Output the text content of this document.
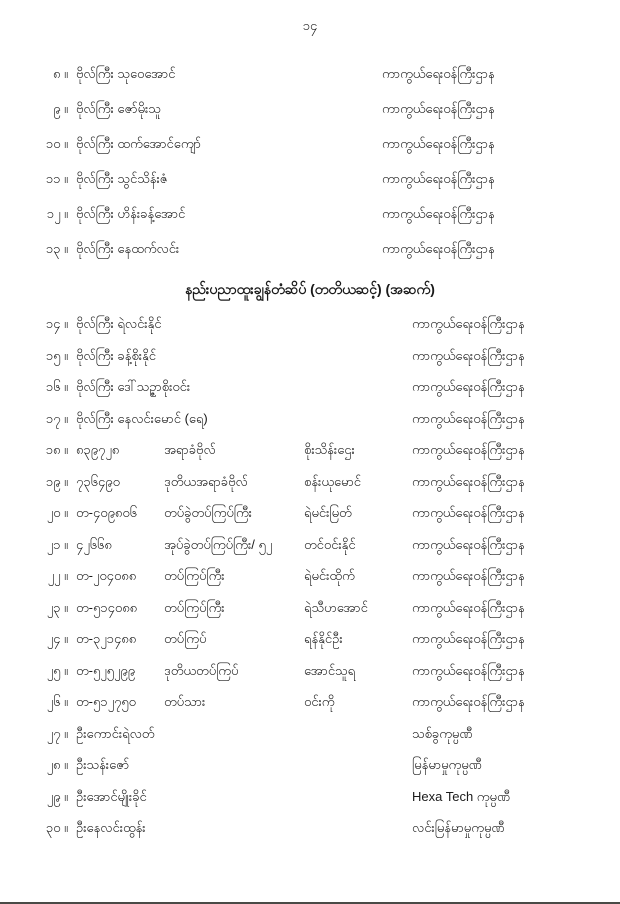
၁၄
၈ ။ ဗိုလ်ကြီး သုဝေအောင်	ကာကွယ်ရေးဝန်ကြီးဌာန
၉ ။ ဗိုလ်ကြီး ဇော်မိုးသူ	ကာကွယ်ရေးဝန်ကြီးဌာန
၁၀ ။ ဗိုလ်ကြီး ထက်အောင်ကျော်	ကာကွယ်ရေးဝန်ကြီးဌာန
၁၁ ။ ဗိုလ်ကြီး သွင်သိန်းဇံ	ကာကွယ်ရေးဝန်ကြီးဌာန
၁၂ ။ ဗိုလ်ကြီး ဟိန်းခန့်အောင်	ကာကွယ်ရေးဝန်ကြီးဌာန
၁၃ ။ ဗိုလ်ကြီး နေထက်လင်း	ကာကွယ်ရေးဝန်ကြီးဌာန
နည်းပညာထူးချွန်တံဆိပ် (တတိယဆင့်) (အဆက်)
၁၄ ။ ဗိုလ်ကြီး ရဲလင်းနိုင်	ကာကွယ်ရေးဝန်ကြီးဌာန
၁၅ ။ ဗိုလ်ကြီး ခန့်စိုးနိုင်	ကာကွယ်ရေးဝန်ကြီးဌာန
၁၆ ။ ဗိုလ်ကြီး ဒေါ်သဉ္ဇာစိုးဝင်း	ကာကွယ်ရေးဝန်ကြီးဌာန
၁၇ ။ ဗိုလ်ကြီး နေလင်းမောင် (ရေ)	ကာကွယ်ရေးဝန်ကြီးဌာန
၁၈ ။ ၈၃၉၇၂၈	အရာခံဗိုလ်	စိုးသိန်းဌေး	ကာကွယ်ရေးဝန်ကြီးဌာန
၁၉ ။ ၇၃၆၄၉၀	ဒုတိယအရာခံဗိုလ်	စန်းယုမောင်	ကာကွယ်ရေးဝန်ကြီးဌာန
၂၀ ။ တ-၄၀၉၈၀၆	တပ်ခွဲတပ်ကြပ်ကြီး	ရဲမင်းမြတ်	ကာကွယ်ရေးဝန်ကြီးဌာန
၂၁ ။ ၄၂၆၆၈	အုပ်ခွဲတပ်ကြပ်ကြီး/ ၅၂	တင်ဝင်းနိုင်	ကာကွယ်ရေးဝန်ကြီးဌာန
၂၂ ။ တ-၂၀၄၀၈၈	တပ်ကြပ်ကြီး	ရဲမင်းထိုက်	ကာကွယ်ရေးဝန်ကြီးဌာန
၂၃ ။ တ-၅၁၄၀၈၈	တပ်ကြပ်ကြီး	ရဲသီဟအောင်	ကာကွယ်ရေးဝန်ကြီးဌာန
၂၄ ။ တ-၃၂၁၄၈၈	တပ်ကြပ်	ရန်နိုင်ဦး	ကာကွယ်ရေးဝန်ကြီးဌာန
၂၅ ။ တ-၅၂၅၂၉၉	ဒုတိယတပ်ကြပ်	အောင်သူရ	ကာကွယ်ရေးဝန်ကြီးဌာန
၂၆ ။ တ-၅၁၂၇၅၀	တပ်သား	ဝင်းကို	ကာကွယ်ရေးဝန်ကြီးဌာန
၂၇ ။ ဦးကောင်းရဲလတ်	သစ်ခွကုမ္ပဏီ
၂၈ ။ ဦးသန်းဇော်	မြန်မာမှုကုမ္ပဏီ
၂၉ ။ ဦးအောင်မျိုးခိုင်	Hexa Tech ကုမ္ပဏီ
၃၀ ။ ဦးနေလင်းထွန်း	လင်းမြန်မာမှုကုမ္ပဏီ
